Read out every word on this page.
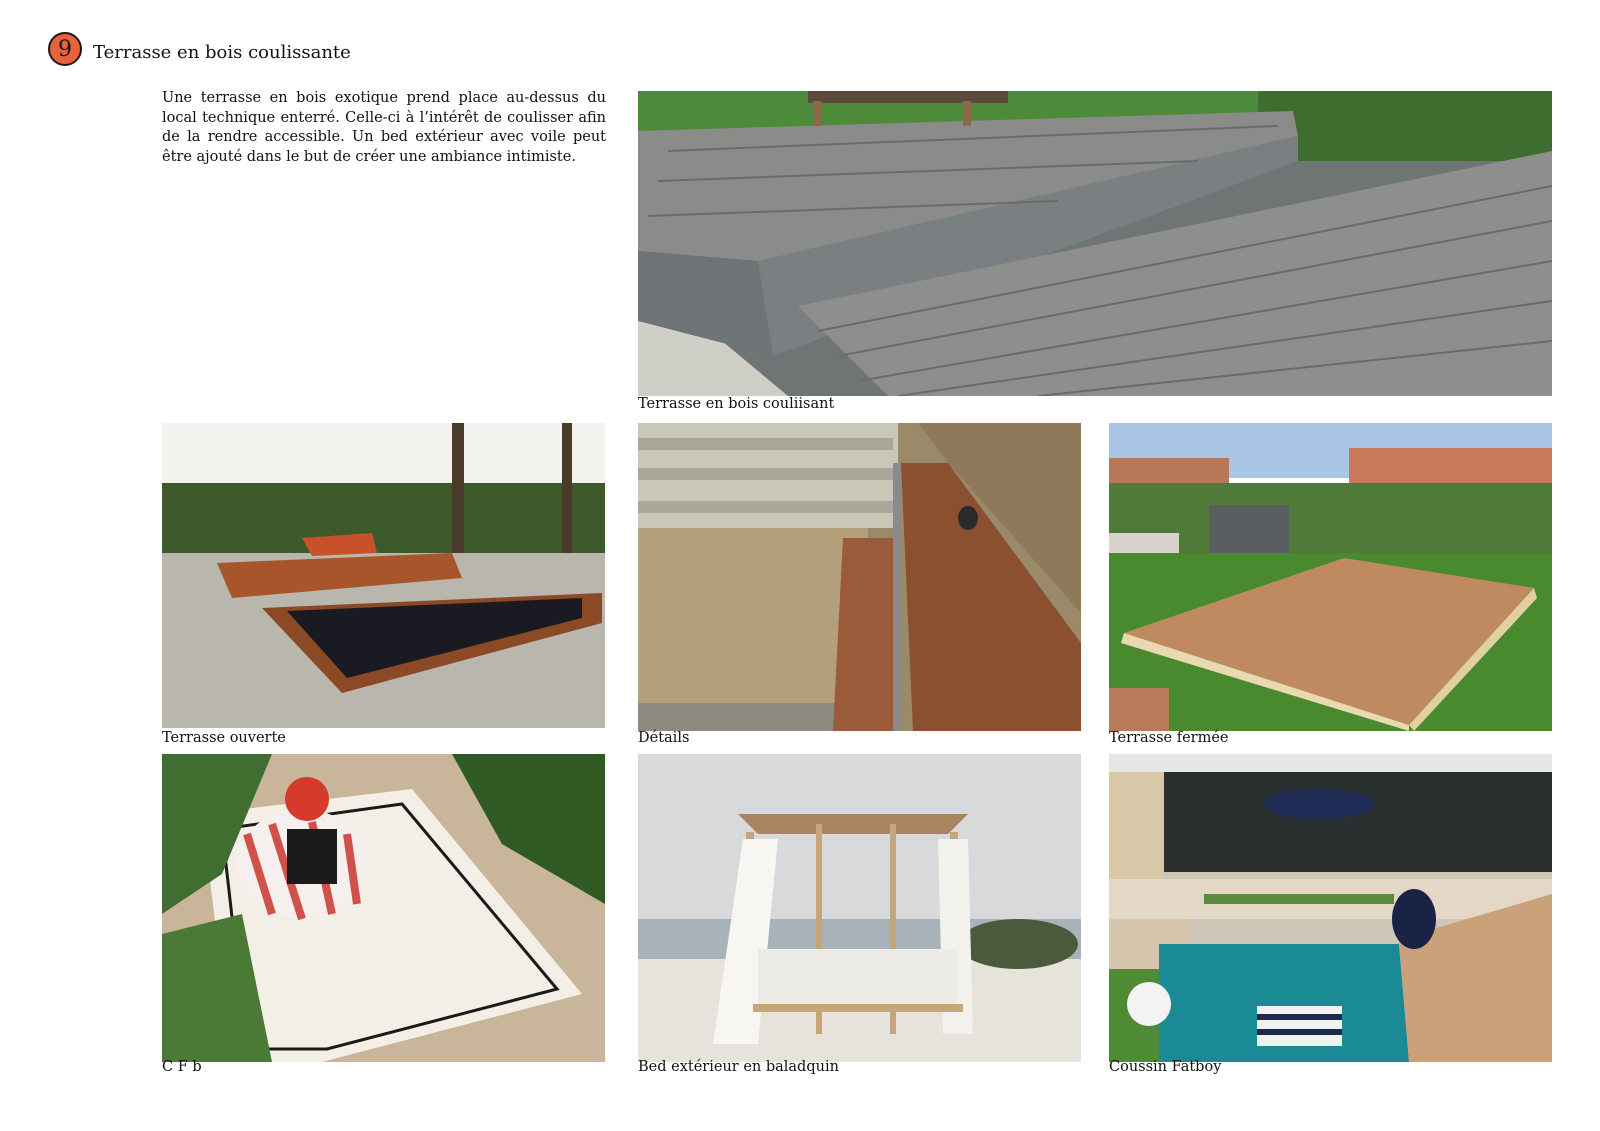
9	Terrasse en bois coulissante
Une terrasse en bois exotique prend place au-dessus du local technique enterré. Celle-ci à l’intérêt de coulisser afin de la rendre accessible. Un bed extérieur avec voile peut être ajouté dans le but de créer une ambiance intimiste.
Terrasse en bois couliisant
Terrasse ouverte	Détails	Terrasse fermée
C F b	Bed extérieur en baladquin	Coussin Fatboy
